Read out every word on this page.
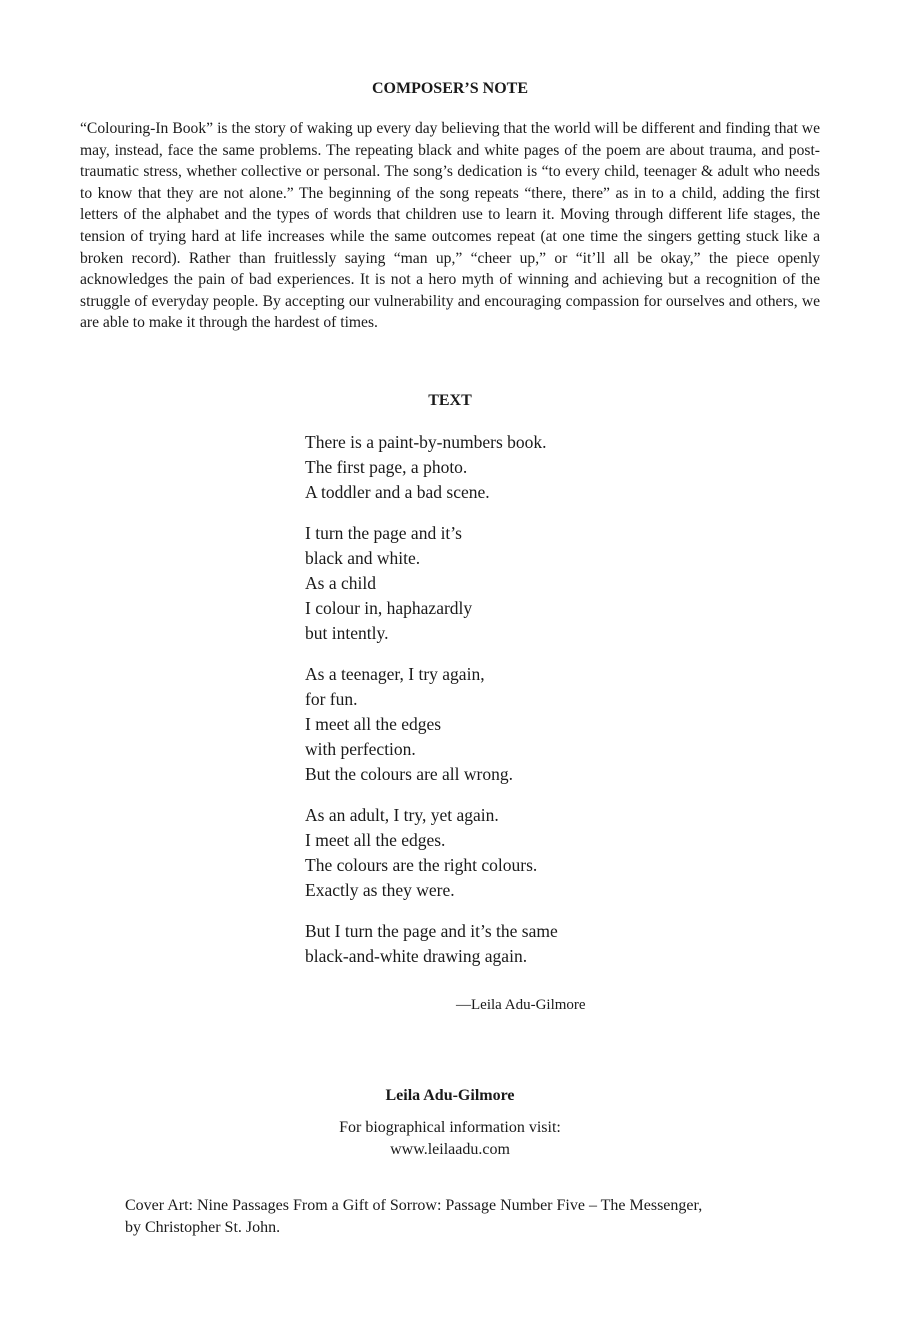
COMPOSER’S NOTE

“Colouring-In Book” is the story of waking up every day believing that the world will be different and finding that we may, instead, face the same problems. The repeating black and white pages of the poem are about trauma, and post-traumatic stress, whether collective or personal. The song’s dedication is “to every child, teenager & adult who needs to know that they are not alone.” The beginning of the song repeats “there, there” as in to a child, adding the first letters of the alphabet and the types of words that children use to learn it. Moving through different life stages, the tension of trying hard at life increases while the same outcomes repeat (at one time the singers getting stuck like a broken record). Rather than fruitlessly saying “man up,” “cheer up,” or “it’ll all be okay,” the piece openly acknowledges the pain of bad experiences. It is not a hero myth of winning and achieving but a recognition of the struggle of everyday people. By accepting our vulnerability and encouraging compassion for ourselves and others, we are able to make it through the hardest of times.

TEXT

There is a paint-by-numbers book.
The first page, a photo.
A toddler and a bad scene.

I turn the page and it’s
black and white.
As a child
I colour in, haphazardly
but intently.

As a teenager, I try again,
for fun.
I meet all the edges
with perfection.
But the colours are all wrong.

As an adult, I try, yet again.
I meet all the edges.
The colours are the right colours.
Exactly as they were.

But I turn the page and it’s the same
black-and-white drawing again.

—Leila Adu-Gilmore

Leila Adu-Gilmore

For biographical information visit:
www.leilaadu.com

Cover Art: Nine Passages From a Gift of Sorrow: Passage Number Five – The Messenger,
by Christopher St. John.
